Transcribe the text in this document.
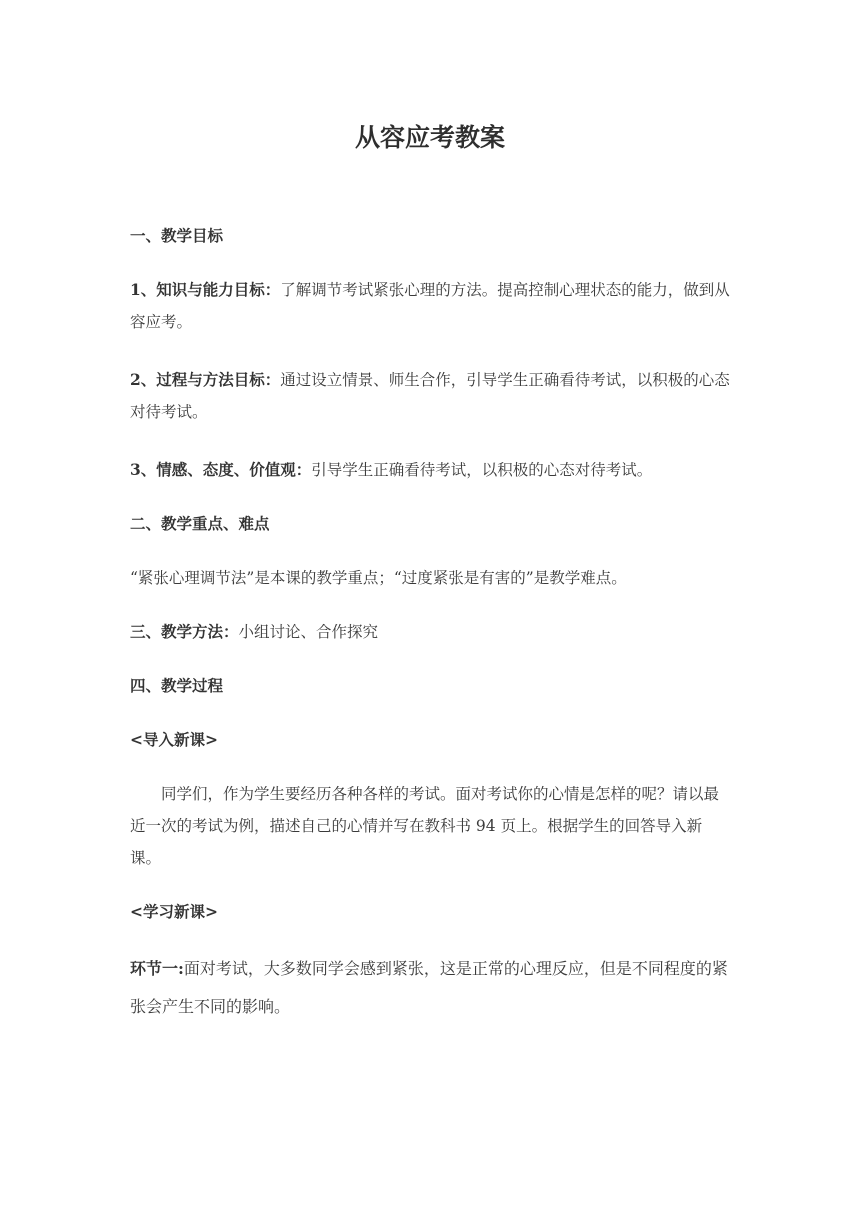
从容应考教案

一、教学目标

1、知识与能力目标：了解调节考试紧张心理的方法。提高控制心理状态的能力，做到从容应考。

2、过程与方法目标：通过设立情景、师生合作，引导学生正确看待考试，以积极的心态对待考试。

3、情感、态度、价值观：引导学生正确看待考试，以积极的心态对待考试。

二、教学重点、难点

“紧张心理调节法”是本课的教学重点；“过度紧张是有害的”是教学难点。

三、教学方法：小组讨论、合作探究

四、教学过程

<导入新课>

同学们，作为学生要经历各种各样的考试。面对考试你的心情是怎样的呢？请以最近一次的考试为例，描述自己的心情并写在教科书 94 页上。根据学生的回答导入新课。

<学习新课>

环节一:面对考试，大多数同学会感到紧张，这是正常的心理反应，但是不同程度的紧张会产生不同的影响。
